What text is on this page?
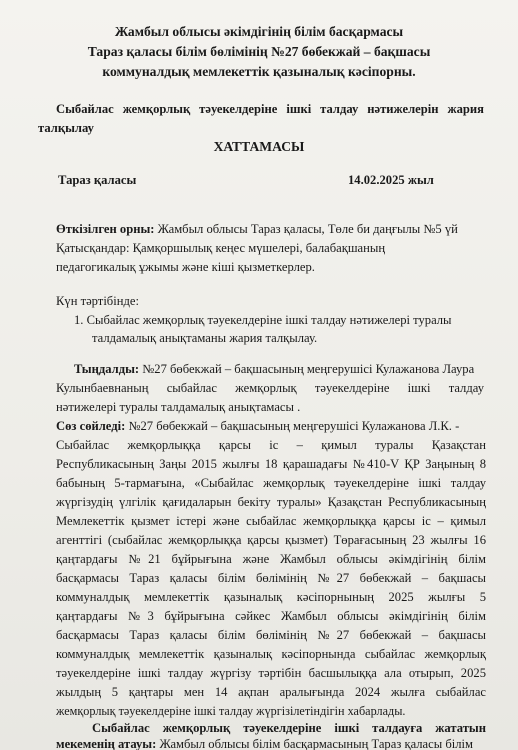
Жамбыл облысы әкімдігінің білім басқармасы
Тараз қаласы білім бөлімінің №27 бөбекжай – бақшасы
коммуналдық мемлекеттік қазыналық кәсіпорны.
Сыбайлас жемқорлық тәуекелдеріне ішкі талдау нәтижелерін жария
талқылау
ХАТТАМАСЫ
Тараз қаласы	14.02.2025 жыл
Өткізілген орны: Жамбыл облысы Тараз қаласы, Төле би даңғылы №5 үй
Қатысқандар: Қамқоршылық кеңес мүшелері, балабақшаның
педагогикалық ұжымы және кіші қызметкерлер.
Күн тәртібінде:
1. Сыбайлас жемқорлық тәуекелдеріне ішкі талдау нәтижелері туралы
талдамалық анықтаманы жария талқылау.
Тыңдалды: №27 бөбекжай – бақшасының меңгерушісі Кулажанова Лаура
Кулынбаевнаның сыбайлас жемқорлық тәуекелдеріне ішкі талдау
нәтижелері туралы талдамалық анықтамасы .
Сөз сөйледі: №27 бөбекжай – бақшасының меңгерушісі Кулажанова Л.К. -
Сыбайлас жемқорлыққа қарсы іс – қимыл туралы Қазақстан
Республикасының Заңы 2015 жылғы 18 қарашадағы №410-V ҚР Заңының 8
бабының 5-тармағына, «Сыбайлас жемқорлық тәуекелдеріне ішкі талдау
жүргізудің үлгілік қағидаларын бекіту туралы» Қазақстан Республикасының
Мемлекеттік қызмет істері және сыбайлас жемқорлыққа қарсы іс – қимыл
агенттігі (сыбайлас жемқорлыққа қарсы қызмет) Төрағасының 23 жылғы 16
қаңтардағы №21 бұйрығына және Жамбыл облысы әкімдігінің білім
басқармасы Тараз қаласы білім бөлімінің №27 бөбекжай – бақшасы
коммуналдық мемлекеттік қазыналық кәсіпорнының 2025 жылғы 5
қаңтардағы №3 бұйрығына сәйкес Жамбыл облысы әкімдігінің білім
басқармасы Тараз қаласы білім бөлімінің №27 бөбекжай – бақшасы
коммуналдық мемлекеттік қазыналық кәсіпорнында сыбайлас жемқорлық
тәуекелдеріне ішкі талдау жүргізу тәртібін басшылыққа ала отырып, 2025
жылдың 5 қаңтары мен 14 ақпан аралығында 2024 жылға сыбайлас
жемқорлық тәуекелдеріне ішкі талдау жүргізілетіндігін хабарлады.
Сыбайлас жемқорлық тәуекелдеріне ішкі талдауға жататын
мекеменің атауы: Жамбыл облысы білім басқармасының Тараз қаласы білім
